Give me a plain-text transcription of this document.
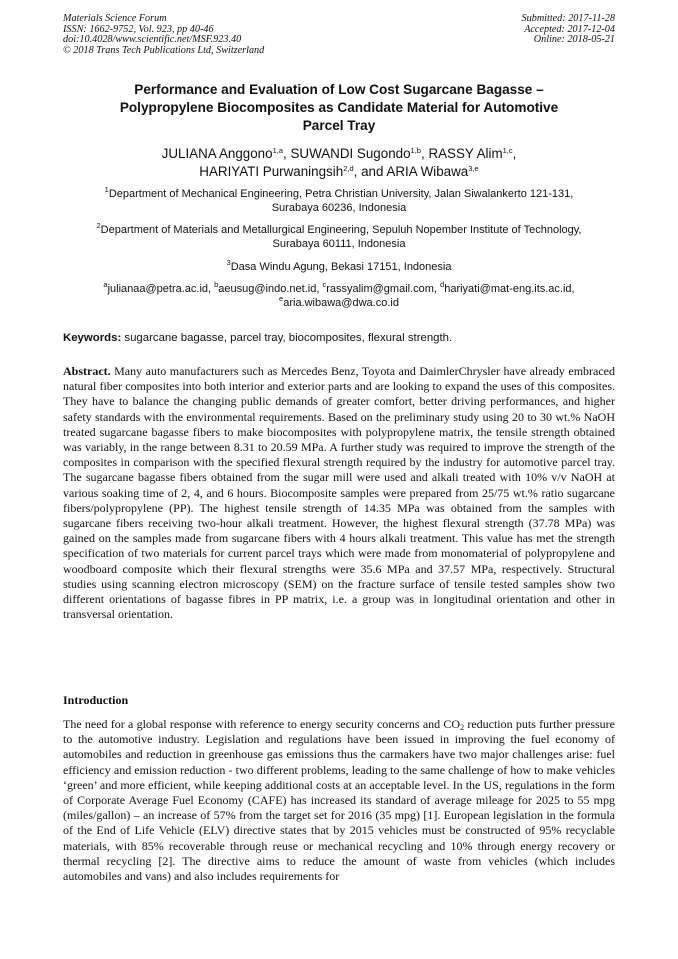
Materials Science Forum
ISSN: 1662-9752, Vol. 923, pp 40-46
doi:10.4028/www.scientific.net/MSF.923.40
© 2018 Trans Tech Publications Ltd, Switzerland
Submitted: 2017-11-28
Accepted: 2017-12-04
Online: 2018-05-21
Performance and Evaluation of Low Cost Sugarcane Bagasse –
Polypropylene Biocomposites as Candidate Material for Automotive
Parcel Tray
JULIANA Anggono$^{1,a}$, SUWANDI Sugondo$^{1,b}$, RASSY Alim$^{1,c}$,
HARIYATI Purwaningsih$^{2,d}$, and ARIA Wibawa$^{3,e}$
$^1$Department of Mechanical Engineering, Petra Christian University, Jalan Siwalankerto 121-131,
Surabaya 60236, Indonesia
$^2$Department of Materials and Metallurgical Engineering, Sepuluh Nopember Institute of Technology,
Surabaya 60111, Indonesia
$^3$Dasa Windu Agung, Bekasi 17151, Indonesia
$^a$julianaa@petra.ac.id, $^b$aeusug@indo.net.id, $^c$rassyalim@gmail.com, $^d$hariyati@mat-eng.its.ac.id,
$^e$aria.wibawa@dwa.co.id
Keywords: sugarcane bagasse, parcel tray, biocomposites, flexural strength.
Abstract. Many auto manufacturers such as Mercedes Benz, Toyota and DaimlerChrysler have already embraced natural fiber composites into both interior and exterior parts and are looking to expand the uses of this composites. They have to balance the changing public demands of greater comfort, better driving performances, and higher safety standards with the environmental requirements. Based on the preliminary study using 20 to 30 wt.% NaOH treated sugarcane bagasse fibers to make biocomposites with polypropylene matrix, the tensile strength obtained was variably, in the range between 8.31 to 20.59 MPa. A further study was required to improve the strength of the composites in comparison with the specified flexural strength required by the industry for automotive parcel tray. The sugarcane bagasse fibers obtained from the sugar mill were used and alkali treated with 10% v/v NaOH at various soaking time of 2, 4, and 6 hours. Biocomposite samples were prepared from 25/75 wt.% ratio sugarcane fibers/polypropylene (PP). The highest tensile strength of 14.35 MPa was obtained from the samples with sugarcane fibers receiving two-hour alkali treatment. However, the highest flexural strength (37.78 MPa) was gained on the samples made from sugarcane fibers with 4 hours alkali treatment. This value has met the strength specification of two materials for current parcel trays which were made from monomaterial of polypropylene and woodboard composite which their flexural strengths were 35.6 MPa and 37.57 MPa, respectively. Structural studies using scanning electron microscopy (SEM) on the fracture surface of tensile tested samples show two different orientations of bagasse fibres in PP matrix, i.e. a group was in longitudinal orientation and other in transversal orientation.
Introduction
The need for a global response with reference to energy security concerns and $CO_2$ reduction puts further pressure to the automotive industry. Legislation and regulations have been issued in improving the fuel economy of automobiles and reduction in greenhouse gas emissions thus the carmakers have two major challenges arise: fuel efficiency and emission reduction - two different problems, leading to the same challenge of how to make vehicles ‘green’ and more efficient, while keeping additional costs at an acceptable level. In the US, regulations in the form of Corporate Average Fuel Economy (CAFE) has increased its standard of average mileage for 2025 to 55 mpg (miles/gallon) – an increase of 57% from the target set for 2016 (35 mpg) [1]. European legislation in the formula of the End of Life Vehicle (ELV) directive states that by 2015 vehicles must be constructed of 95% recyclable materials, with 85% recoverable through reuse or mechanical recycling and 10% through energy recovery or thermal recycling [2]. The directive aims to reduce the amount of waste from vehicles (which includes automobiles and vans) and also includes requirements for
